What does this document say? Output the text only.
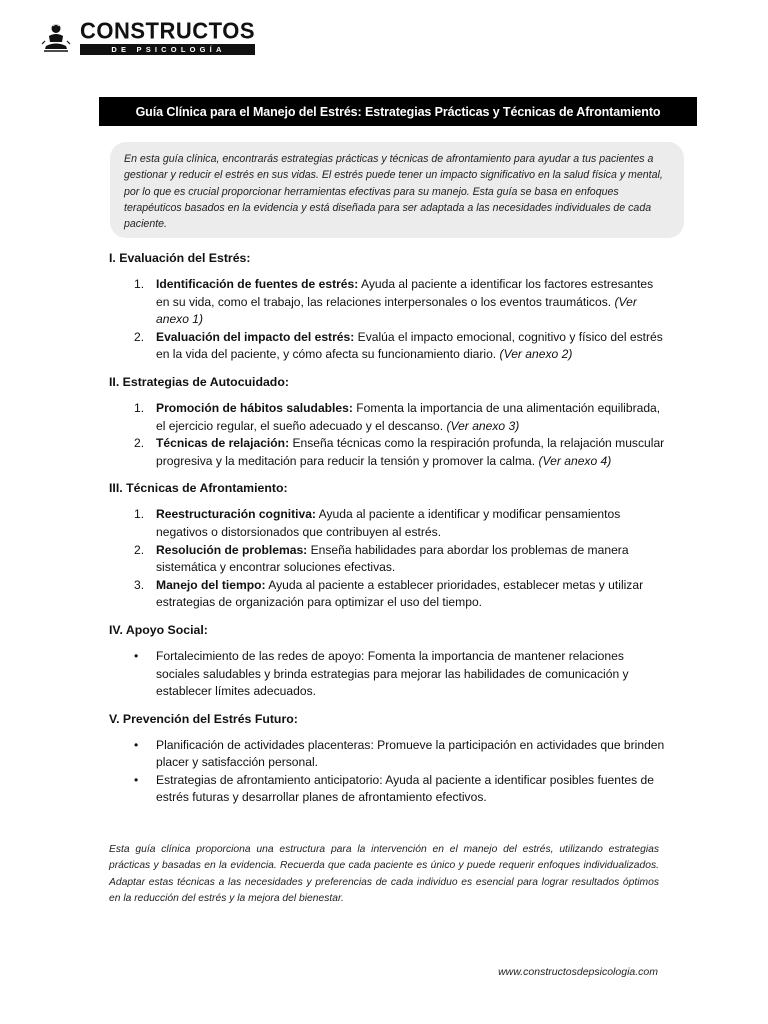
CONSTRUCTOS
DE PSICOLOGÍA
Guía Clínica para el Manejo del Estrés: Estrategias Prácticas y Técnicas de Afrontamiento
En esta guía clínica, encontrarás estrategias prácticas y técnicas de afrontamiento para ayudar a tus pacientes a gestionar y reducir el estrés en sus vidas. El estrés puede tener un impacto significativo en la salud física y mental, por lo que es crucial proporcionar herramientas efectivas para su manejo. Esta guía se basa en enfoques terapéuticos basados en la evidencia y está diseñada para ser adaptada a las necesidades individuales de cada paciente.
I. Evaluación del Estrés:
1. Identificación de fuentes de estrés: Ayuda al paciente a identificar los factores estresantes en su vida, como el trabajo, las relaciones interpersonales o los eventos traumáticos. (Ver anexo 1)
2. Evaluación del impacto del estrés: Evalúa el impacto emocional, cognitivo y físico del estrés en la vida del paciente, y cómo afecta su funcionamiento diario. (Ver anexo 2)
II. Estrategias de Autocuidado:
1. Promoción de hábitos saludables: Fomenta la importancia de una alimentación equilibrada, el ejercicio regular, el sueño adecuado y el descanso. (Ver anexo 3)
2. Técnicas de relajación: Enseña técnicas como la respiración profunda, la relajación muscular progresiva y la meditación para reducir la tensión y promover la calma. (Ver anexo 4)
III. Técnicas de Afrontamiento:
1. Reestructuración cognitiva: Ayuda al paciente a identificar y modificar pensamientos negativos o distorsionados que contribuyen al estrés.
2. Resolución de problemas: Enseña habilidades para abordar los problemas de manera sistemática y encontrar soluciones efectivas.
3. Manejo del tiempo: Ayuda al paciente a establecer prioridades, establecer metas y utilizar estrategias de organización para optimizar el uso del tiempo.
IV. Apoyo Social:
• Fortalecimiento de las redes de apoyo: Fomenta la importancia de mantener relaciones sociales saludables y brinda estrategias para mejorar las habilidades de comunicación y establecer límites adecuados.
V. Prevención del Estrés Futuro:
• Planificación de actividades placenteras: Promueve la participación en actividades que brinden placer y satisfacción personal.
• Estrategias de afrontamiento anticipatorio: Ayuda al paciente a identificar posibles fuentes de estrés futuras y desarrollar planes de afrontamiento efectivos.
Esta guía clínica proporciona una estructura para la intervención en el manejo del estrés, utilizando estrategias prácticas y basadas en la evidencia. Recuerda que cada paciente es único y puede requerir enfoques individualizados. Adaptar estas técnicas a las necesidades y preferencias de cada individuo es esencial para lograr resultados óptimos en la reducción del estrés y la mejora del bienestar.
www.constructosdepsicologia.com
